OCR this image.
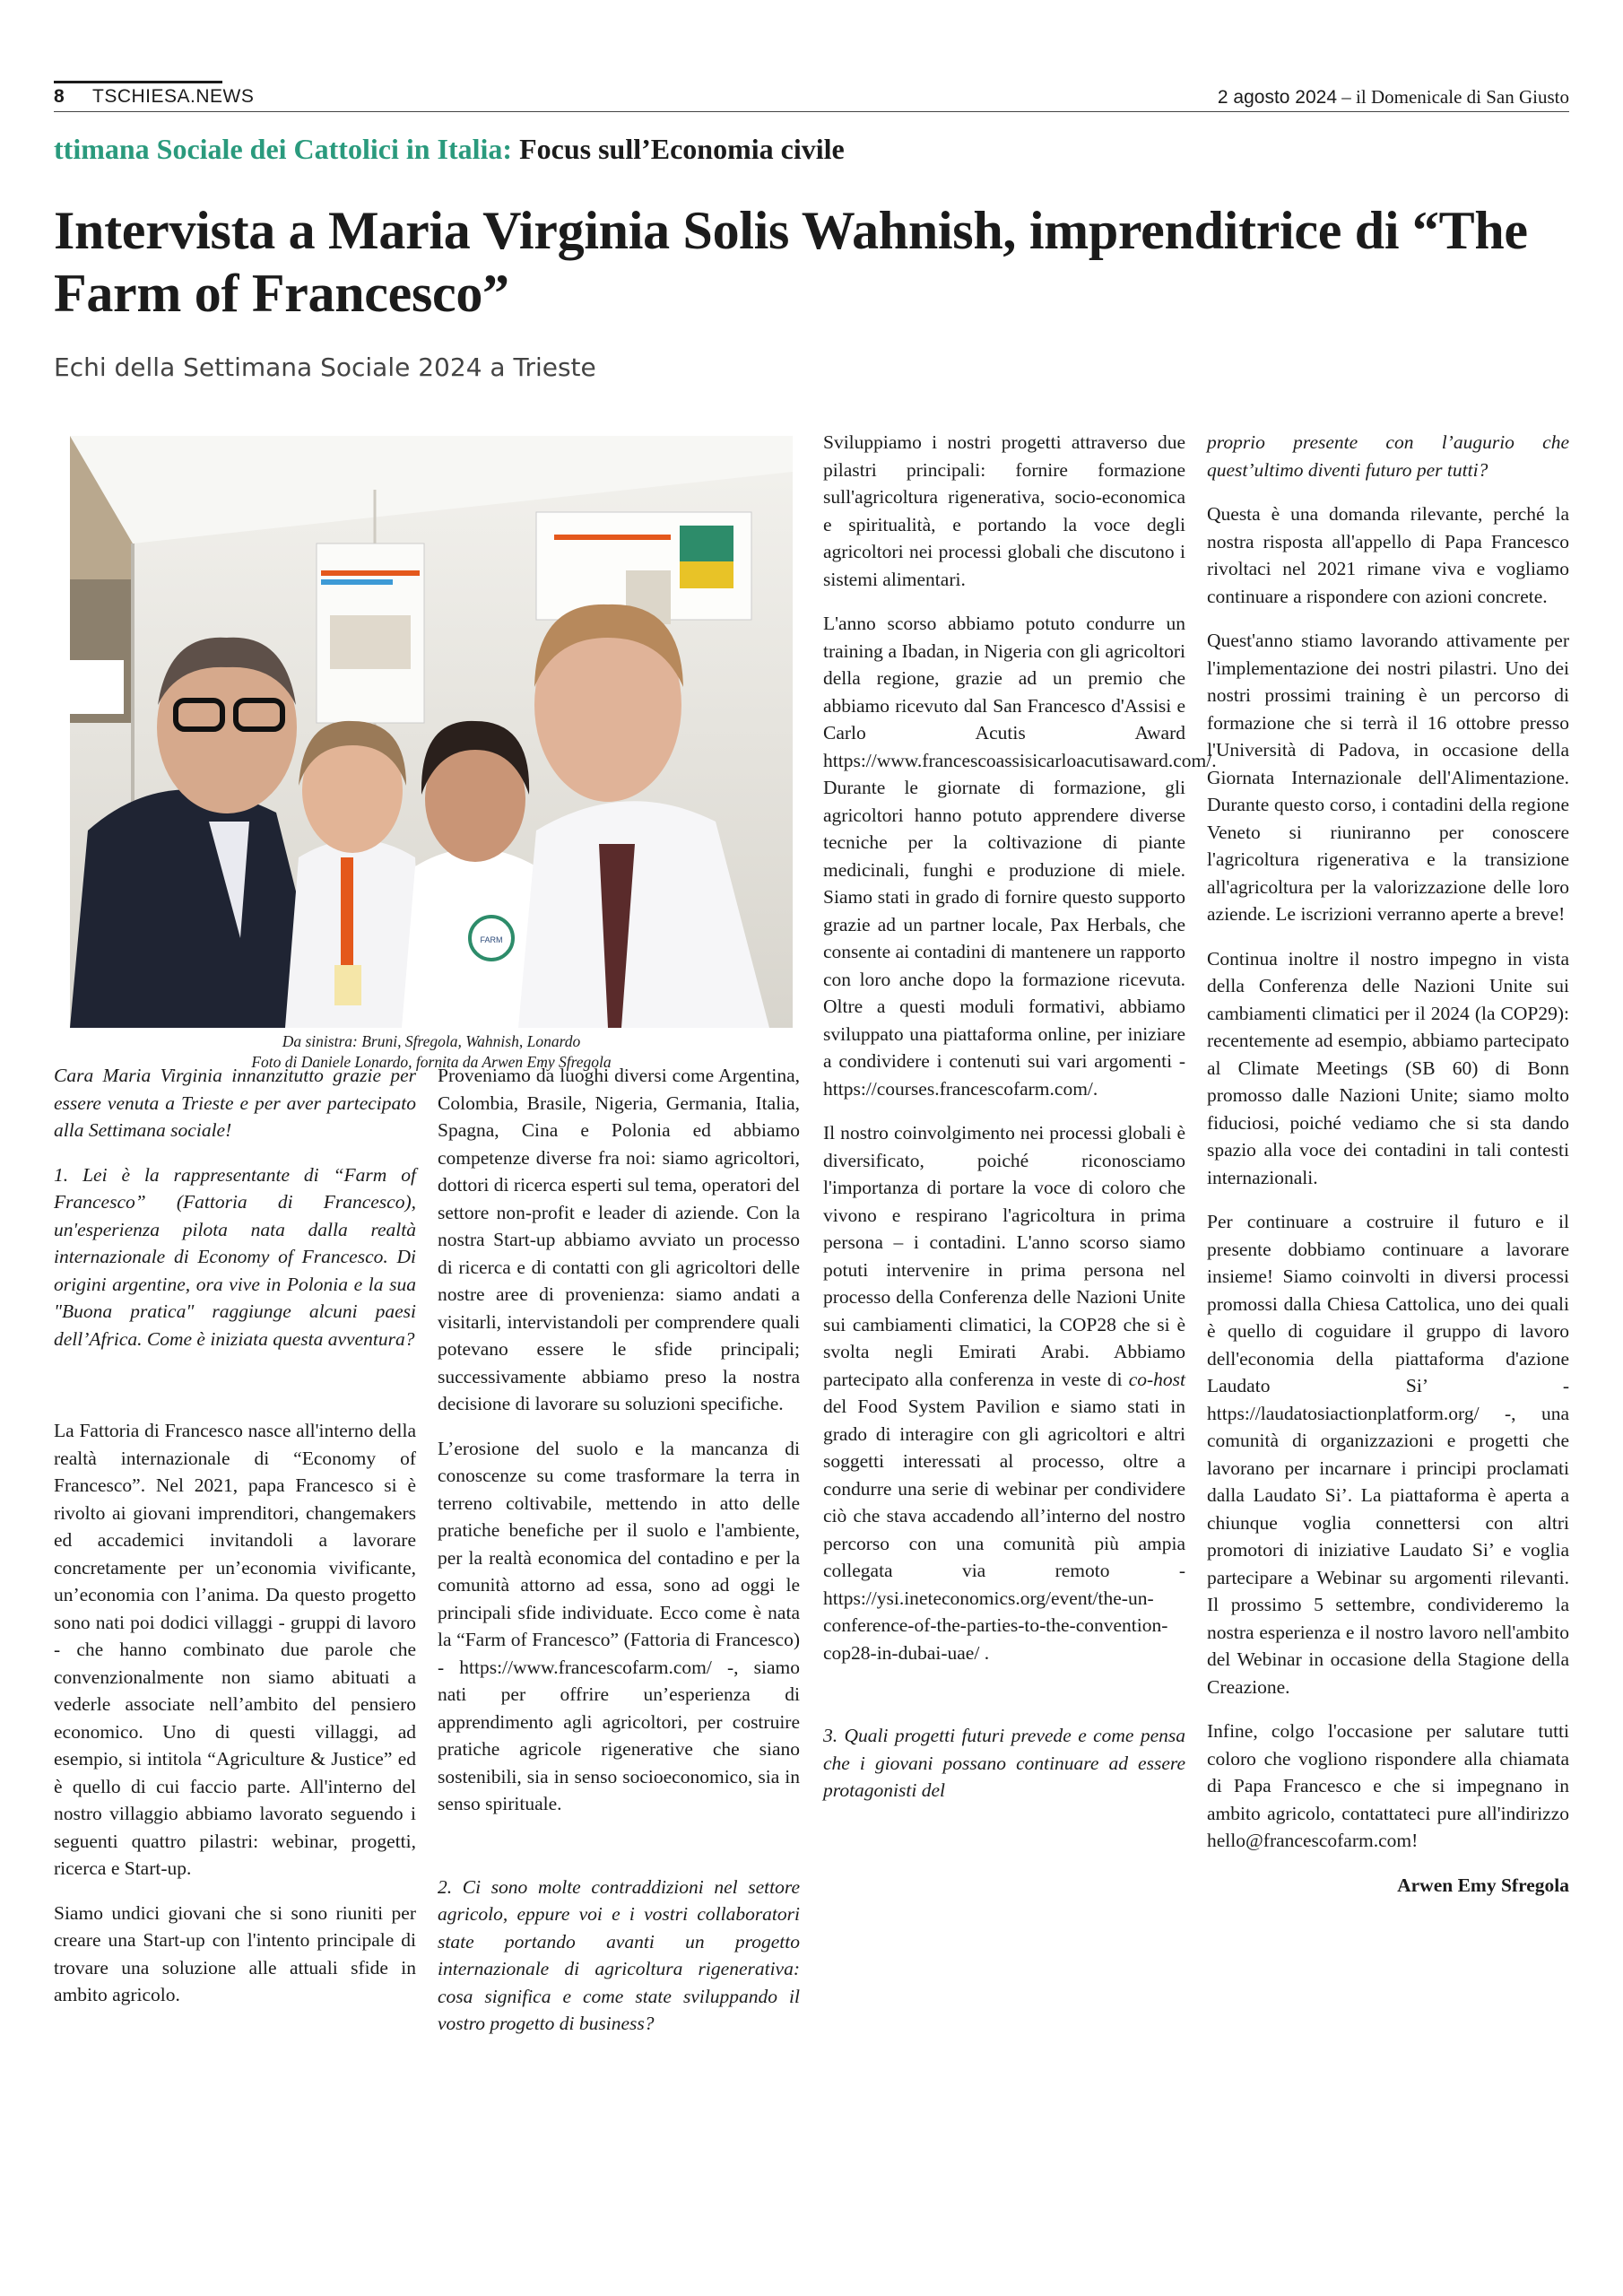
8 TSCHIESA.NEWS	2 agosto 2024 – il Domenicale di San Giusto
ttimana Sociale dei Cattolici in Italia: Focus sull’Economia civile
Intervista a Maria Virginia Solis Wahnish, imprenditrice di “The Farm of Francesco”
Echi della Settimana Sociale 2024 a Trieste
FARM
Da sinistra: Bruni, Sfregola, Wahnish, Lonardo
Foto di Daniele Lonardo, fornita da Arwen Emy Sfregola

Cara Maria Virginia innanzitutto grazie per essere venuta a Trieste e per aver partecipato alla Settimana sociale!

1. Lei è la rappresentante di “Farm of Francesco” (Fattoria di Francesco), un'esperienza pilota nata dalla realtà internazionale di Economy of Francesco. Di origini argentine, ora vive in Polonia e la sua "Buona pratica" raggiunge alcuni paesi dell’Africa. Come è iniziata questa avventura?

La Fattoria di Francesco nasce all'interno della realtà internazionale di “Economy of Francesco”. Nel 2021, papa Francesco si è rivolto ai giovani imprenditori, changemakers ed accademici invitandoli a lavorare concretamente per un’economia vivificante, un’economia con l’anima. Da questo progetto sono nati poi dodici villaggi - gruppi di lavoro - che hanno combinato due parole che convenzionalmente non siamo abituati a vederle associate nell’ambito del pensiero economico. Uno di questi villaggi, ad esempio, si intitola “Agriculture & Justice” ed è quello di cui faccio parte. All'interno del nostro villaggio abbiamo lavorato seguendo i seguenti quattro pilastri: webinar, progetti, ricerca e Start-up.

Siamo undici giovani che si sono riuniti per creare una Start-up con l'intento principale di trovare una soluzione alle attuali sfide in ambito agricolo.

Proveniamo da luoghi diversi come Argentina, Colombia, Brasile, Nigeria, Germania, Italia, Spagna, Cina e Polonia ed abbiamo competenze diverse fra noi: siamo agricoltori, dottori di ricerca esperti sul tema, operatori del settore non-profit e leader di aziende. Con la nostra Start-up abbiamo avviato un processo di ricerca e di contatti con gli agricoltori delle nostre aree di provenienza: siamo andati a visitarli, intervistandoli per comprendere quali potevano essere le sfide principali; successivamente abbiamo preso la nostra decisione di lavorare su soluzioni specifiche.

L’erosione del suolo e la mancanza di conoscenze su come trasformare la terra in terreno coltivabile, mettendo in atto delle pratiche benefiche per il suolo e l'ambiente, per la realtà economica del contadino e per la comunità attorno ad essa, sono ad oggi le principali sfide individuate. Ecco come è nata la “Farm of Francesco” (Fattoria di Francesco) - https://www.francescofarm.com/ -, siamo nati per offrire un’esperienza di apprendimento agli agricoltori, per costruire pratiche agricole rigenerative che siano sostenibili, sia in senso socioeconomico, sia in senso spirituale.

2. Ci sono molte contraddizioni nel settore agricolo, eppure voi e i vostri collaboratori state portando avanti un progetto internazionale di agricoltura rigenerativa: cosa significa e come state sviluppando il vostro progetto di business?

Sviluppiamo i nostri progetti attraverso due pilastri principali: fornire formazione sull'agricoltura rigenerativa, socio-economica e spiritualità, e portando la voce degli agricoltori nei processi globali che discutono i sistemi alimentari.

L'anno scorso abbiamo potuto condurre un training a Ibadan, in Nigeria con gli agricoltori della regione, grazie ad un premio che abbiamo ricevuto dal San Francesco d'Assisi e Carlo Acutis Award https://www.francescoassisicarloacutisaward.com/. Durante le giornate di formazione, gli agricoltori hanno potuto apprendere diverse tecniche per la coltivazione di piante medicinali, funghi e produzione di miele. Siamo stati in grado di fornire questo supporto grazie ad un partner locale, Pax Herbals, che consente ai contadini di mantenere un rapporto con loro anche dopo la formazione ricevuta. Oltre a questi moduli formativi, abbiamo sviluppato una piattaforma online, per iniziare a condividere i contenuti sui vari argomenti - https://courses.francescofarm.com/.

Il nostro coinvolgimento nei processi globali è diversificato, poiché riconosciamo l'importanza di portare la voce di coloro che vivono e respirano l'agricoltura in prima persona – i contadini. L'anno scorso siamo potuti intervenire in prima persona nel processo della Conferenza delle Nazioni Unite sui cambiamenti climatici, la COP28 che si è svolta negli Emirati Arabi. Abbiamo partecipato alla conferenza in veste di co-host del Food System Pavilion e siamo stati in grado di interagire con gli agricoltori e altri soggetti interessati al processo, oltre a condurre una serie di webinar per condividere ciò che stava accadendo all’interno del nostro percorso con una comunità più ampia collegata via remoto - https://ysi.ineteconomics.org/event/the-un-conference-of-the-parties-to-the-convention-cop28-in-dubai-uae/ .

3. Quali progetti futuri prevede e come pensa che i giovani possano continuare ad essere protagonisti del

proprio presente con l’augurio che quest’ultimo diventi futuro per tutti?

Questa è una domanda rilevante, perché la nostra risposta all'appello di Papa Francesco rivoltaci nel 2021 rimane viva e vogliamo continuare a rispondere con azioni concrete.

Quest'anno stiamo lavorando attivamente per l'implementazione dei nostri pilastri. Uno dei nostri prossimi training è un percorso di formazione che si terrà il 16 ottobre presso l'Università di Padova, in occasione della Giornata Internazionale dell'Alimentazione. Durante questo corso, i contadini della regione Veneto si riuniranno per conoscere l'agricoltura rigenerativa e la transizione all'agricoltura per la valorizzazione delle loro aziende. Le iscrizioni verranno aperte a breve!

Continua inoltre il nostro impegno in vista della Conferenza delle Nazioni Unite sui cambiamenti climatici per il 2024 (la COP29): recentemente ad esempio, abbiamo partecipato al Climate Meetings (SB 60) di Bonn promosso dalle Nazioni Unite; siamo molto fiduciosi, poiché vediamo che si sta dando spazio alla voce dei contadini in tali contesti internazionali.

Per continuare a costruire il futuro e il presente dobbiamo continuare a lavorare insieme! Siamo coinvolti in diversi processi promossi dalla Chiesa Cattolica, uno dei quali è quello di coguidare il gruppo di lavoro dell'economia della piattaforma d'azione Laudato Si’ - https://laudatosiactionplatform.org/ -, una comunità di organizzazioni e progetti che lavorano per incarnare i principi proclamati dalla Laudato Si’. La piattaforma è aperta a chiunque voglia connettersi con altri promotori di iniziative Laudato Si’ e voglia partecipare a Webinar su argomenti rilevanti. Il prossimo 5 settembre, condivideremo la nostra esperienza e il nostro lavoro nell'ambito del Webinar in occasione della Stagione della Creazione.

Infine, colgo l'occasione per salutare tutti coloro che vogliono rispondere alla chiamata di Papa Francesco e che si impegnano in ambito agricolo, contattateci pure all'indirizzo hello@francescofarm.com!

Arwen Emy Sfregola
